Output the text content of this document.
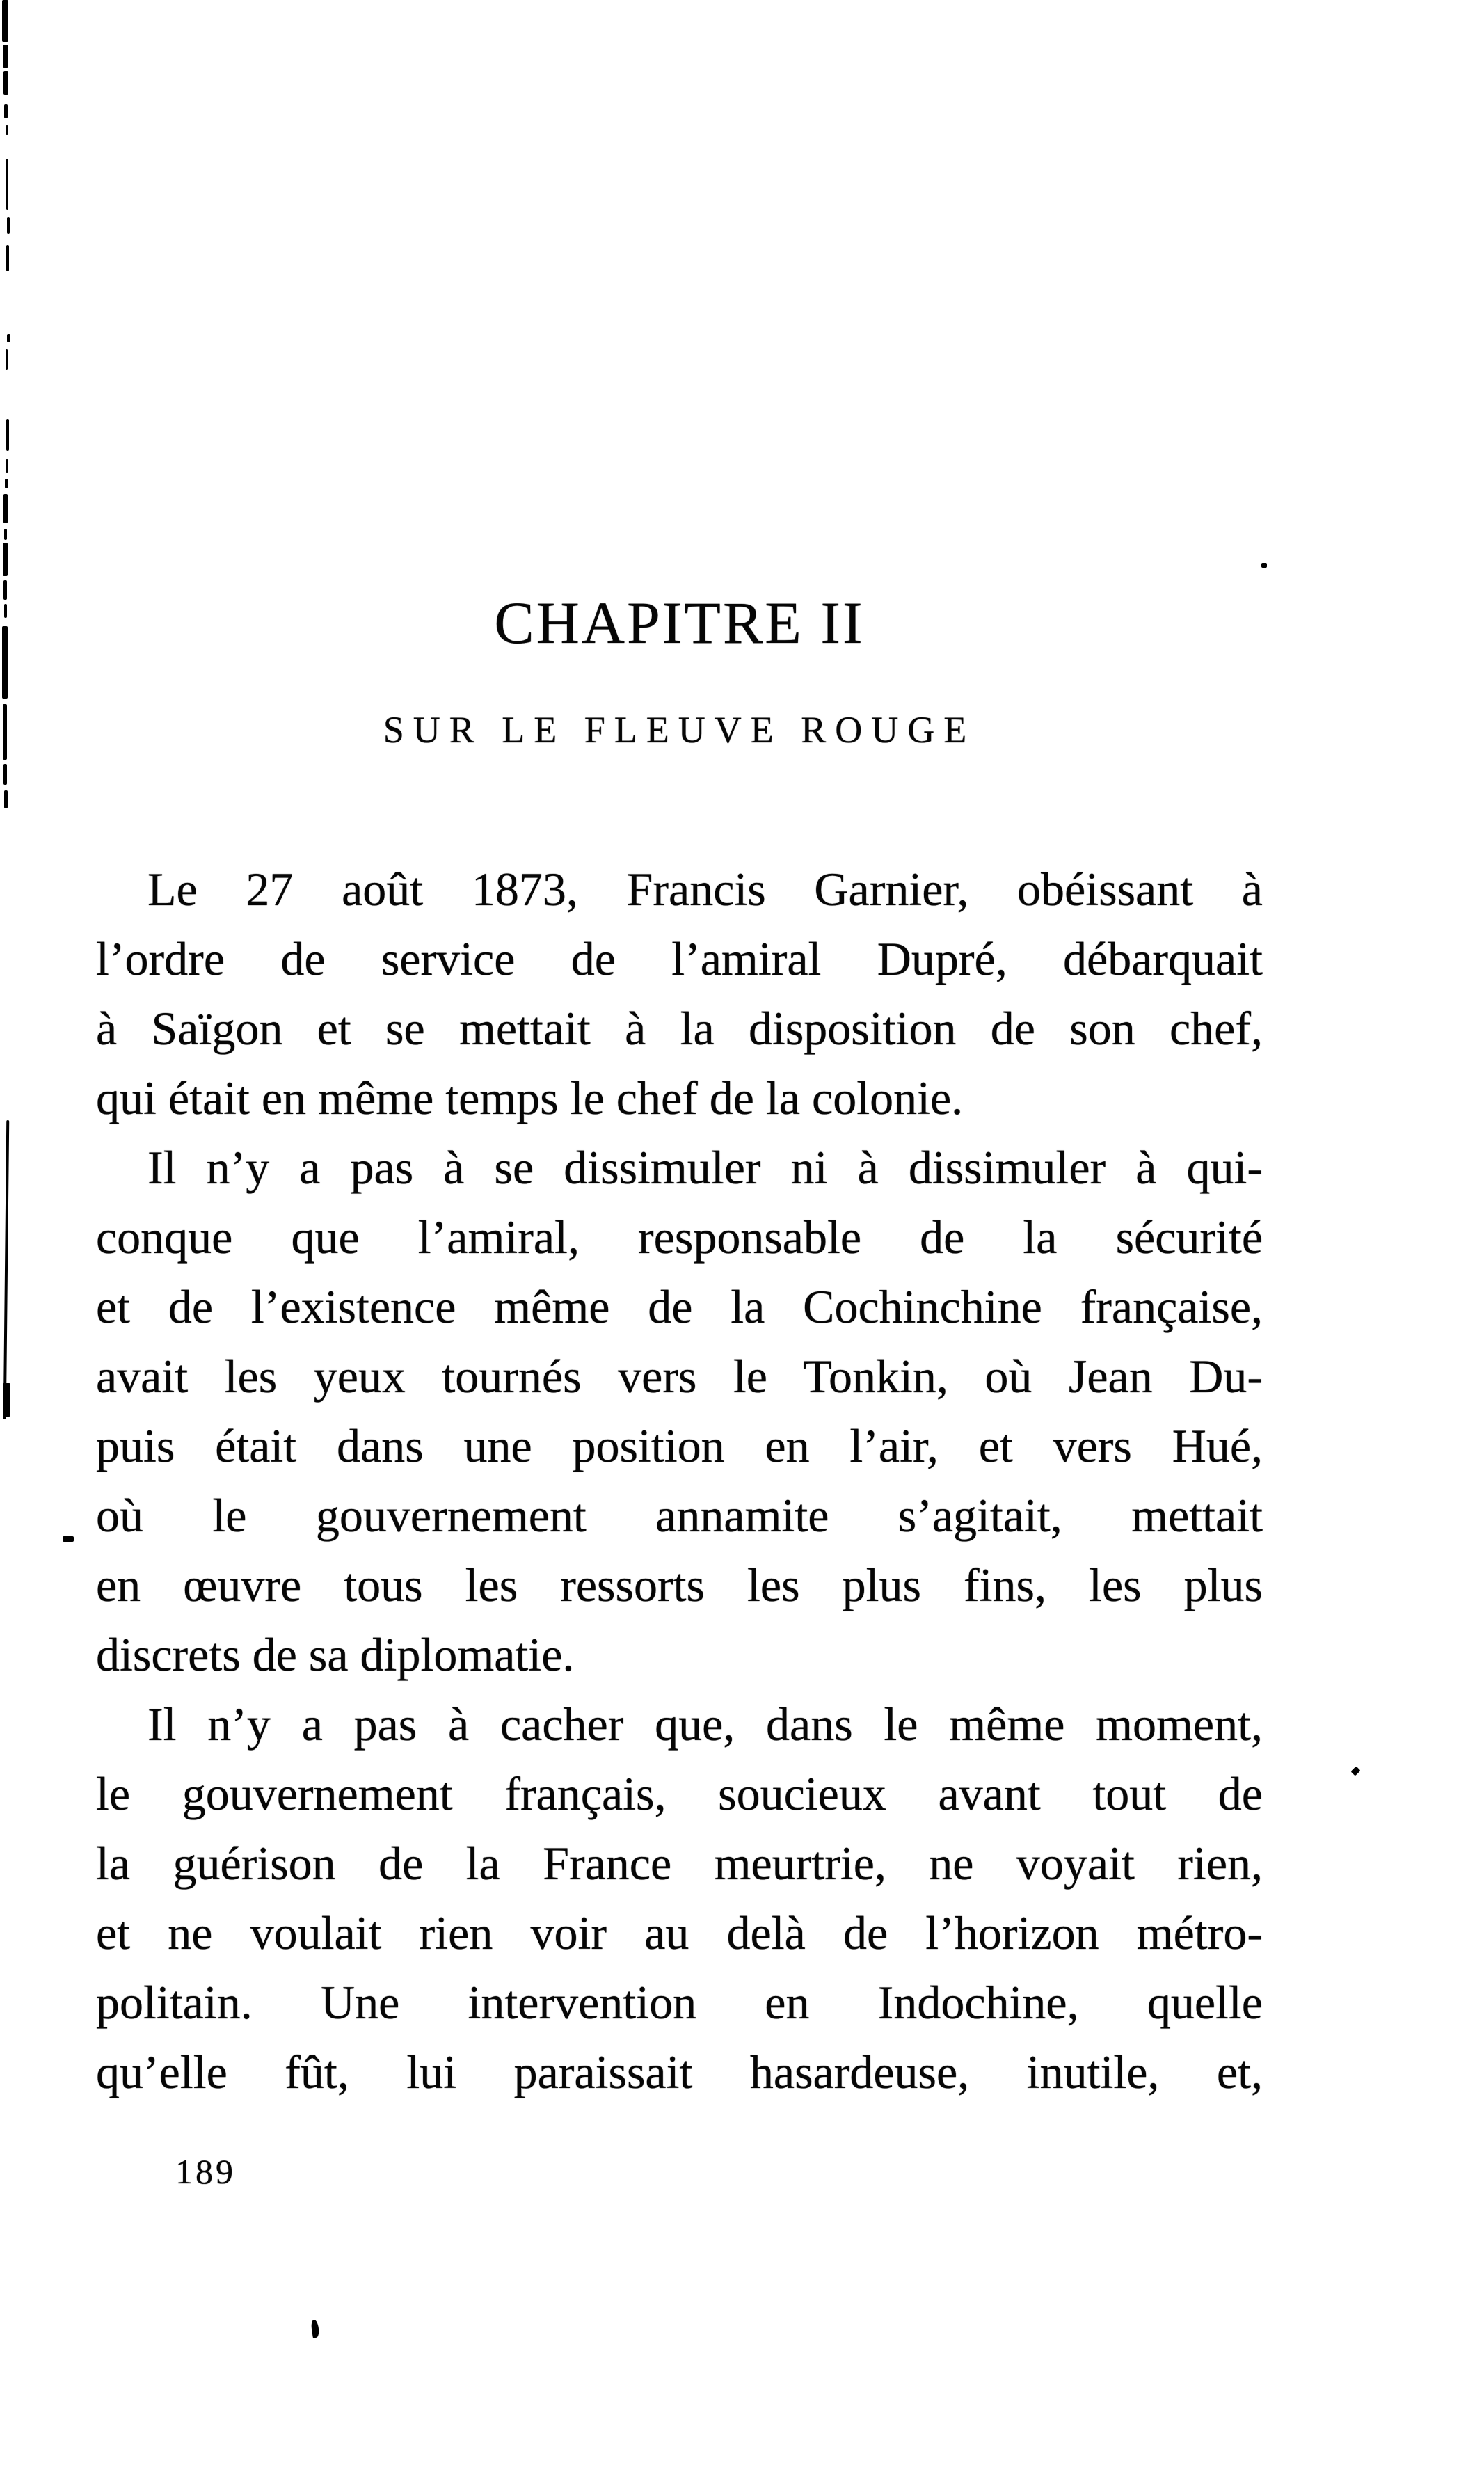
CHAPITRE II
SUR LE FLEUVE ROUGE
Le 27 août 1873, Francis Garnier, obéissant à
l’ordre de service de l’amiral Dupré, débarquait
à Saïgon et se mettait à la disposition de son chef,
qui était en même temps le chef de la colonie.
Il n’y a pas à se dissimuler ni à dissimuler à qui-
conque que l’amiral, responsable de la sécurité
et de l’existence même de la Cochinchine française,
avait les yeux tournés vers le Tonkin, où Jean Du-
puis était dans une position en l’air, et vers Hué,
où le gouvernement annamite s’agitait, mettait
en œuvre tous les ressorts les plus fins, les plus
discrets de sa diplomatie.
Il n’y a pas à cacher que, dans le même moment,
le gouvernement français, soucieux avant tout de
la guérison de la France meurtrie, ne voyait rien,
et ne voulait rien voir au delà de l’horizon métro-
politain. Une intervention en Indochine, quelle
qu’elle fût, lui paraissait hasardeuse, inutile, et,
189
